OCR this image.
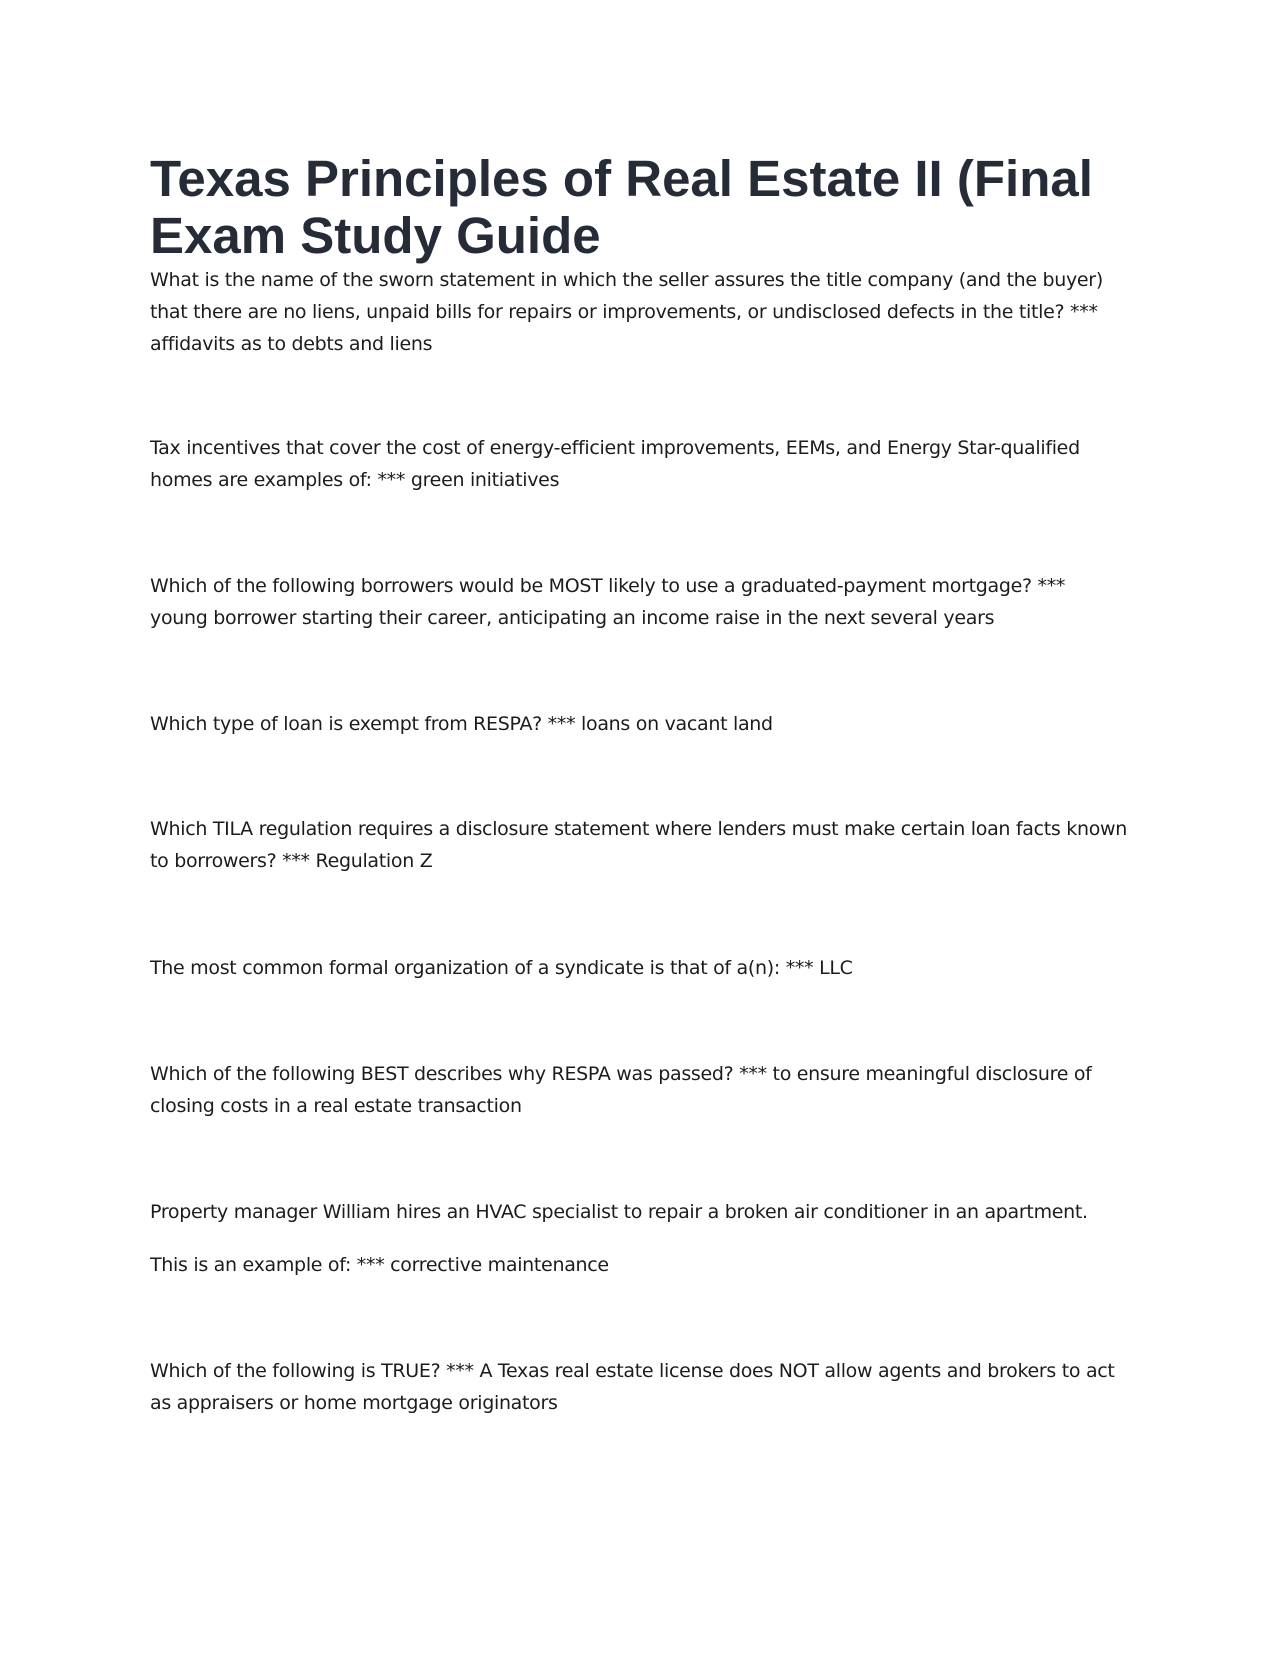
Texas Principles of Real Estate II (Final Exam Study Guide

What is the name of the sworn statement in which the seller assures the title company (and the buyer) that there are no liens, unpaid bills for repairs or improvements, or undisclosed defects in the title? ***
affidavits as to debts and liens

Tax incentives that cover the cost of energy-efficient improvements, EEMs, and Energy Star-qualified homes are examples of: *** green initiatives

Which of the following borrowers would be MOST likely to use a graduated-payment mortgage? ***
young borrower starting their career, anticipating an income raise in the next several years

Which type of loan is exempt from RESPA? *** loans on vacant land

Which TILA regulation requires a disclosure statement where lenders must make certain loan facts known to borrowers? *** Regulation Z

The most common formal organization of a syndicate is that of a(n): *** LLC

Which of the following BEST describes why RESPA was passed? *** to ensure meaningful disclosure of closing costs in a real estate transaction

Property manager William hires an HVAC specialist to repair a broken air conditioner in an apartment.

This is an example of: *** corrective maintenance

Which of the following is TRUE? *** A Texas real estate license does NOT allow agents and brokers to act as appraisers or home mortgage originators
